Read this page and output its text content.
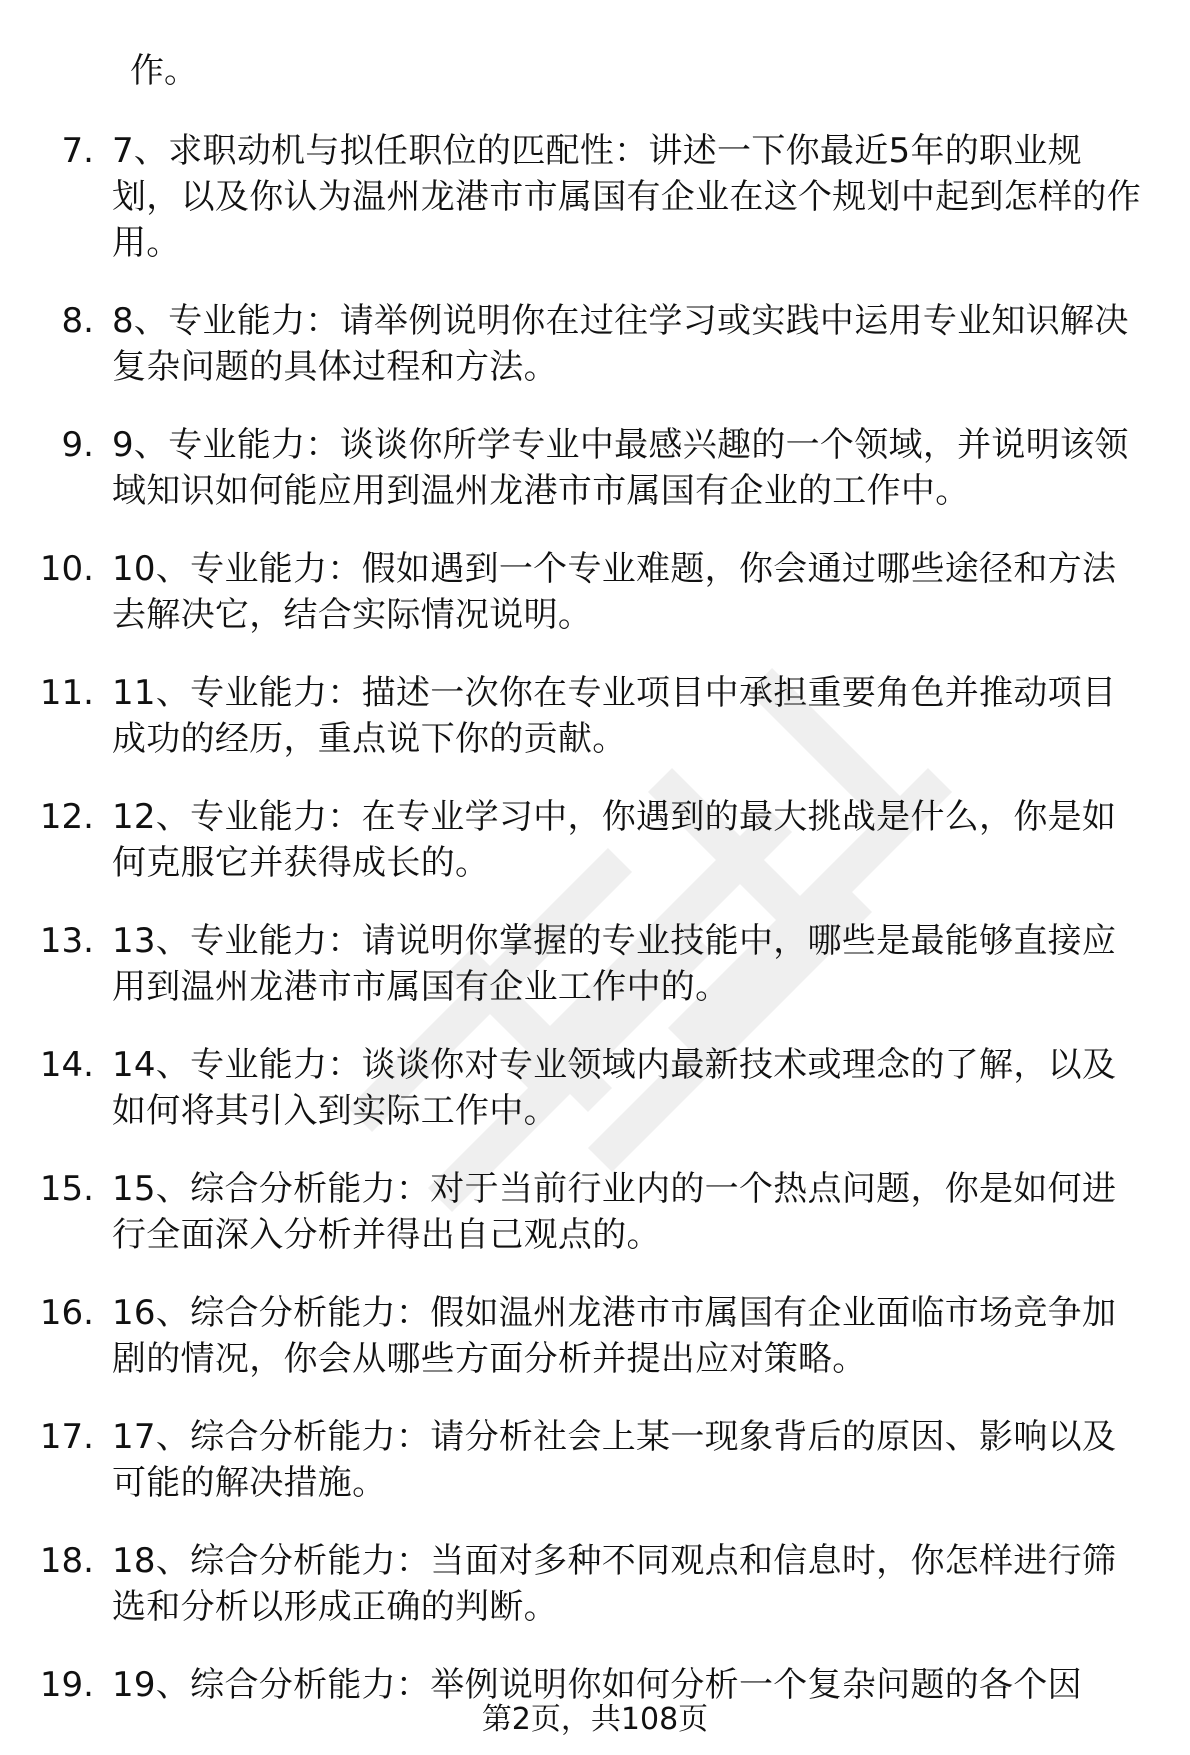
作。

7. 7、求职动机与拟任职位的匹配性：讲述一下你最近5年的职业规划，以及你认为温州龙港市市属国有企业在这个规划中起到怎样的作用。
8. 8、专业能力：请举例说明你在过往学习或实践中运用专业知识解决复杂问题的具体过程和方法。
9. 9、专业能力：谈谈你所学专业中最感兴趣的一个领域，并说明该领域知识如何能应用到温州龙港市市属国有企业的工作中。
10. 10、专业能力：假如遇到一个专业难题，你会通过哪些途径和方法去解决它，结合实际情况说明。
11. 11、专业能力：描述一次你在专业项目中承担重要角色并推动项目成功的经历，重点说下你的贡献。
12. 12、专业能力：在专业学习中，你遇到的最大挑战是什么，你是如何克服它并获得成长的。
13. 13、专业能力：请说明你掌握的专业技能中，哪些是最能够直接应用到温州龙港市市属国有企业工作中的。
14. 14、专业能力：谈谈你对专业领域内最新技术或理念的了解，以及如何将其引入到实际工作中。
15. 15、综合分析能力：对于当前行业内的一个热点问题，你是如何进行全面深入分析并得出自己观点的。
16. 16、综合分析能力：假如温州龙港市市属国有企业面临市场竞争加剧的情况，你会从哪些方面分析并提出应对策略。
17. 17、综合分析能力：请分析社会上某一现象背后的原因、影响以及可能的解决措施。
18. 18、综合分析能力：当面对多种不同观点和信息时，你怎样进行筛选和分析以形成正确的判断。
19. 19、综合分析能力：举例说明你如何分析一个复杂问题的各个因
第2页，共108页
